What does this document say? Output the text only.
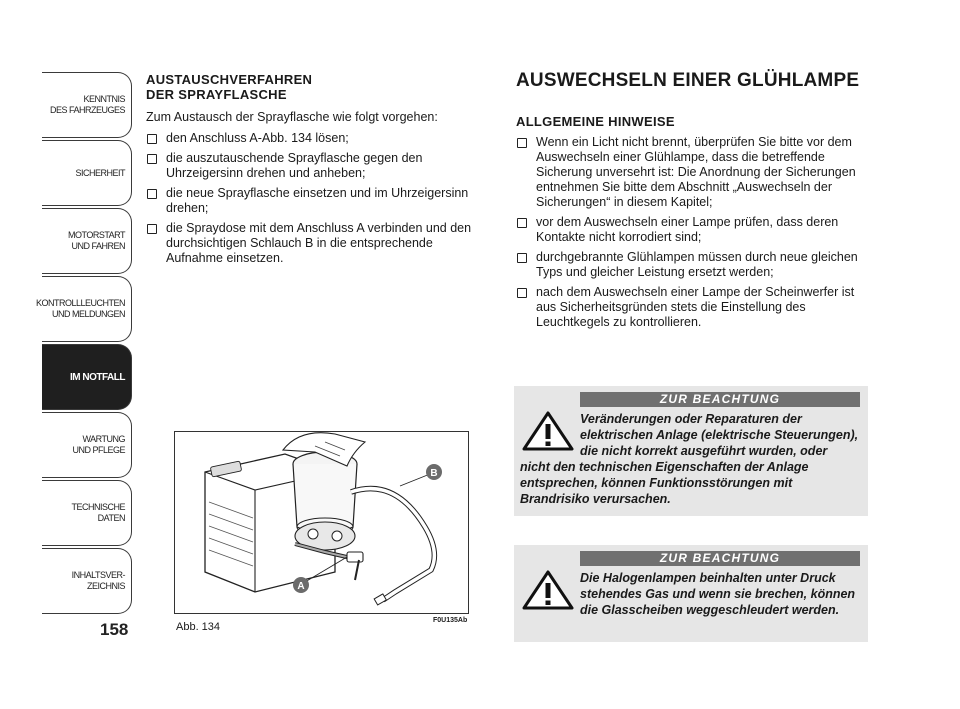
KENNTNIS
DES FAHRZEUGES
SICHERHEIT
MOTORSTART
UND FAHREN
KONTROLLLEUCHTEN
UND MELDUNGEN
IM NOTFALL
WARTUNG
UND PFLEGE
TECHNISCHE
DATEN
INHALTSVER-
ZEICHNIS
158
AUSTAUSCHVERFAHREN
DER SPRAYFLASCHE
Zum Austausch der Sprayflasche wie folgt vorgehen:
den Anschluss A-Abb. 134 lösen;
die auszutauschende Sprayflasche gegen den Uhrzeigersinn drehen und anheben;
die neue Sprayflasche einsetzen und im Uhrzeigersinn drehen;
die Spraydose mit dem Anschluss A verbinden und den durchsichtigen Schlauch B in die entsprechende Aufnahme einsetzen.
A
B
F0U135Ab
Abb. 134
AUSWECHSELN EINER GLÜHLAMPE
ALLGEMEINE HINWEISE
Wenn ein Licht nicht brennt, überprüfen Sie bitte vor dem Auswechseln einer Glühlampe, dass die betreffende Sicherung unversehrt ist: Die Anordnung der Sicherungen entnehmen Sie bitte dem Abschnitt „Auswechseln der Sicherungen“ in diesem Kapitel;
vor dem Auswechseln einer Lampe prüfen, dass deren Kontakte nicht korrodiert sind;
durchgebrannte Glühlampen müssen durch neue gleichen Typs und gleicher Leistung ersetzt werden;
nach dem Auswechseln einer Lampe der Scheinwerfer ist aus Sicherheitsgründen stets die Einstellung des Leuchtkegels zu kontrollieren.
ZUR BEACHTUNG
Veränderungen oder Reparaturen der elektrischen Anlage (elektrische Steuerungen), die nicht korrekt ausgeführt wurden, oder nicht den technischen Eigenschaften der Anlage entsprechen, können Funktionsstörungen mit Brandrisiko verursachen.
ZUR BEACHTUNG
Die Halogenlampen beinhalten unter Druck stehendes Gas und wenn sie brechen, können die Glasscheiben weggeschleudert werden.
